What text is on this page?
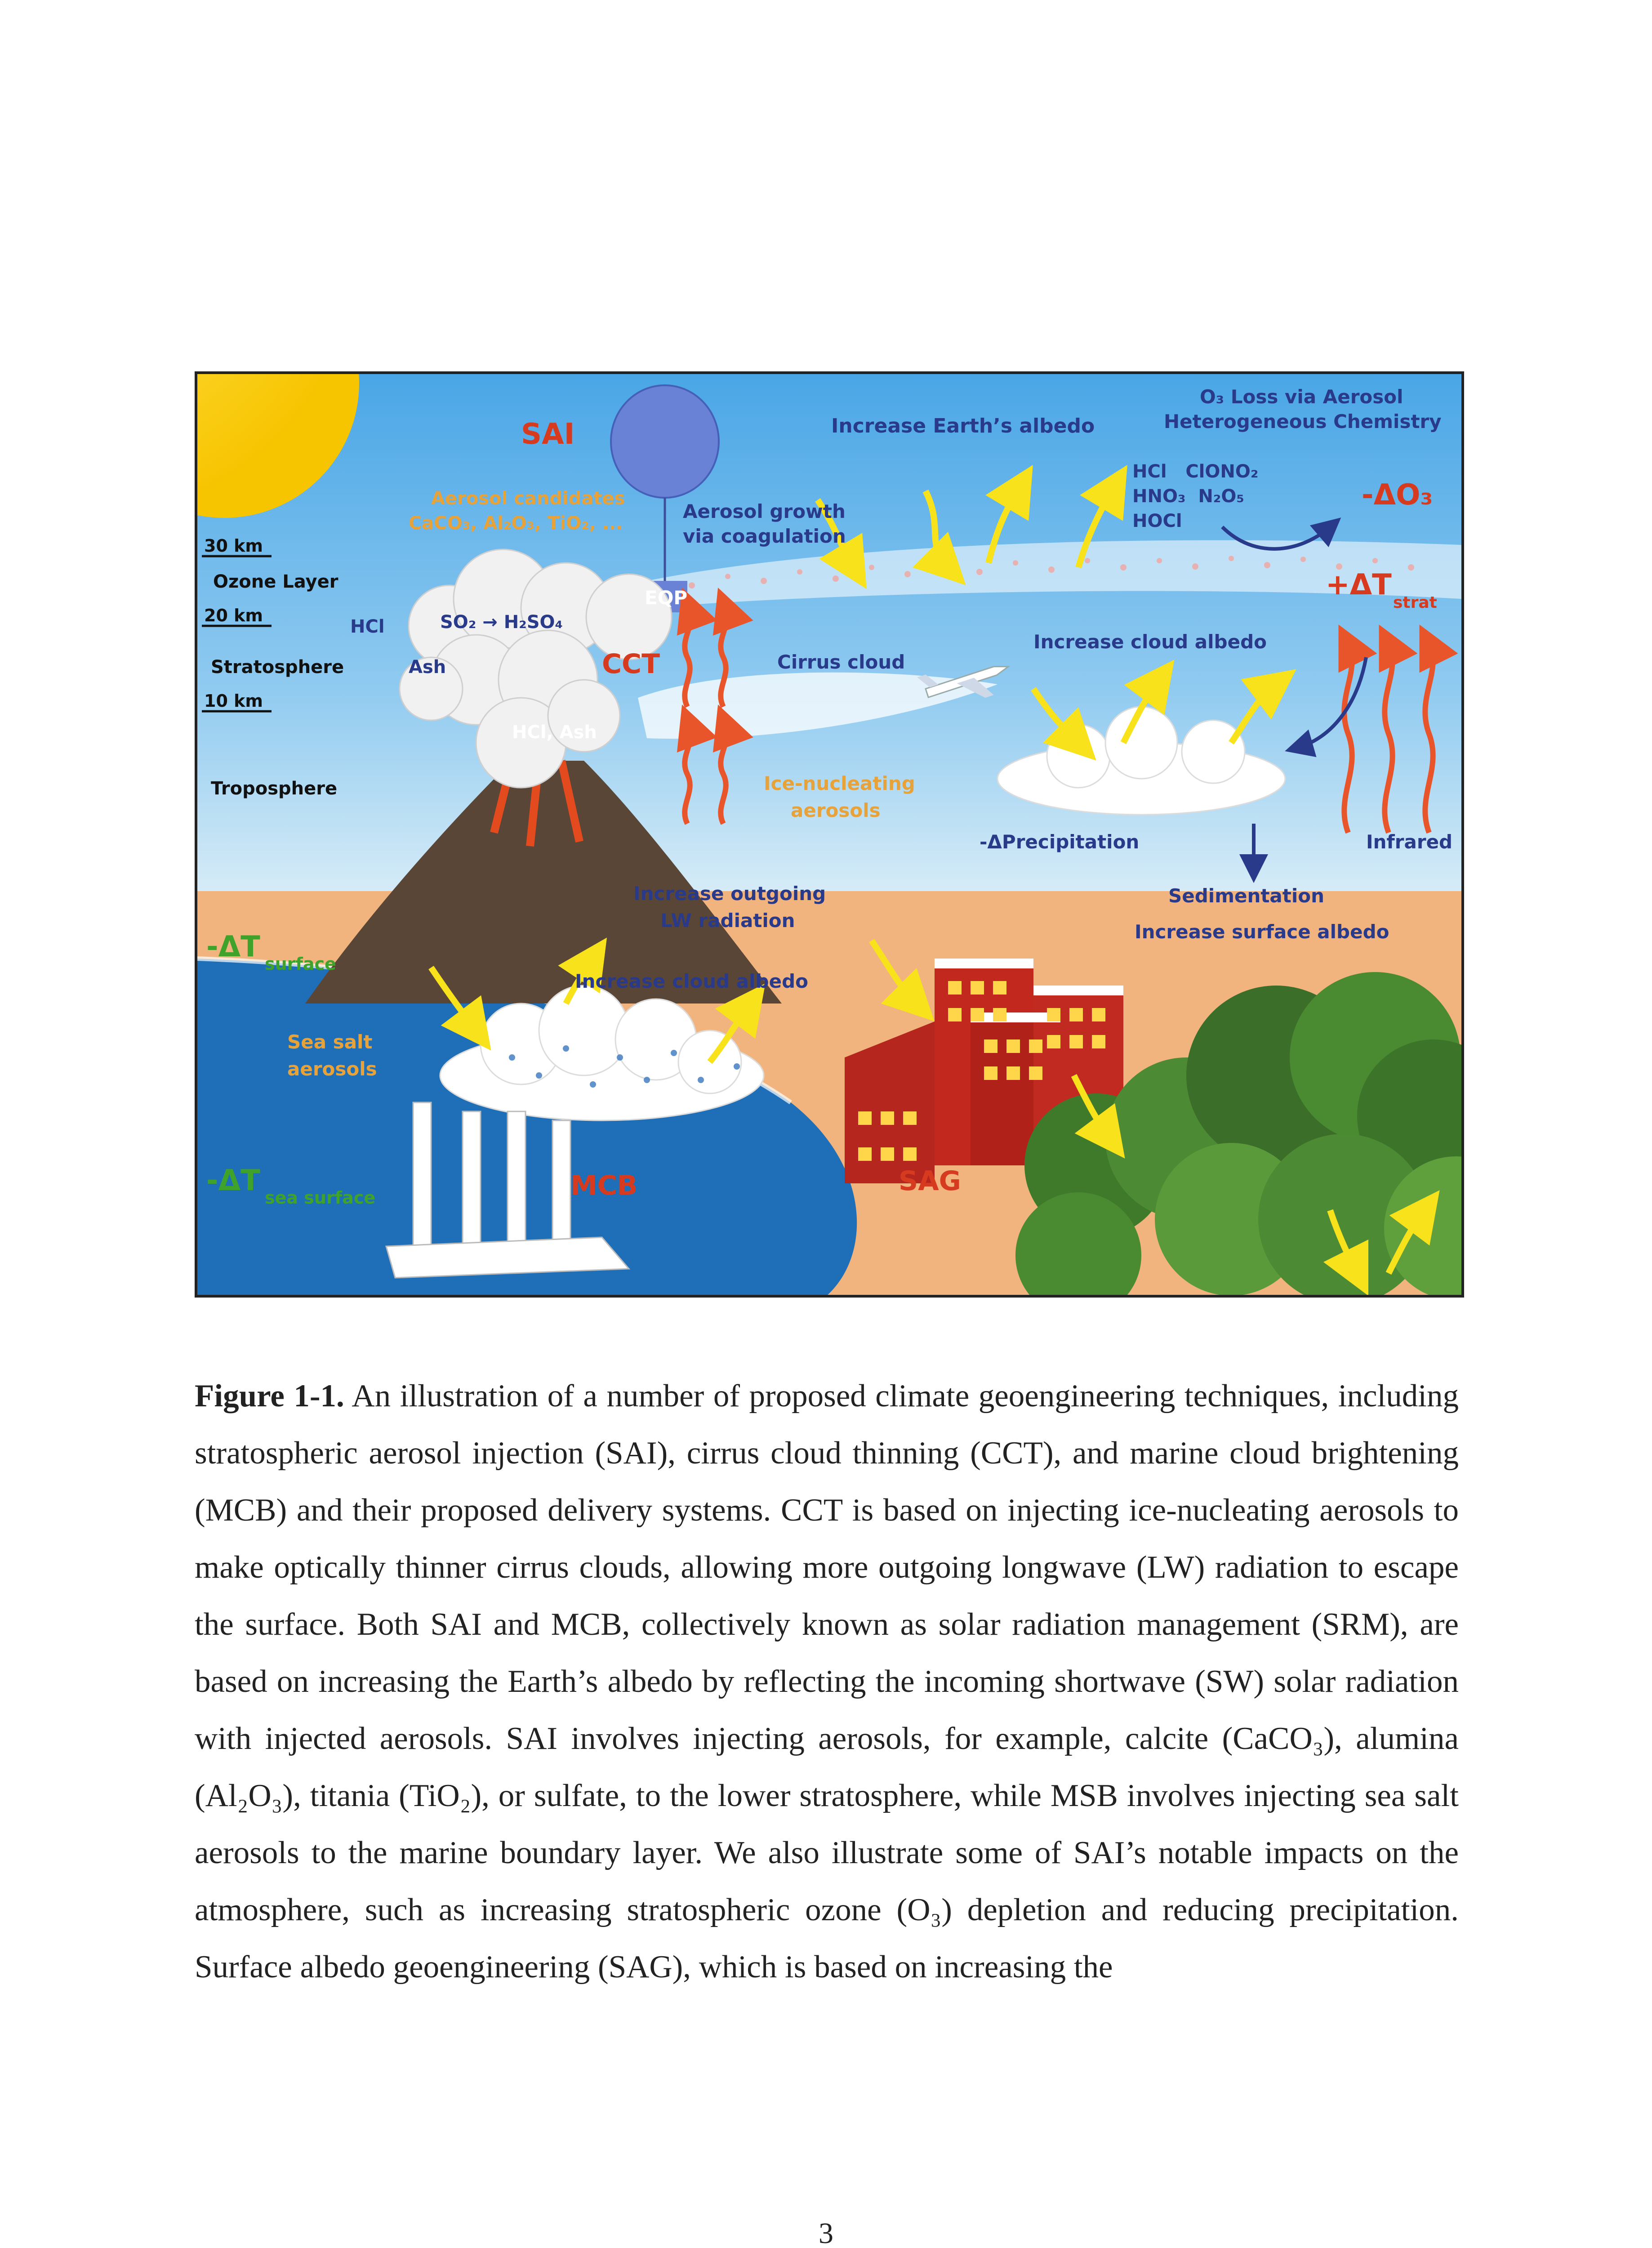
SAI	Increase Earth’s albedo
O₃ Loss via Aerosol
Heterogeneous Chemistry
Aerosol candidates
CaCO₃, Al₂O₃, TiO₂, ...
Aerosol growth
via coagulation
HCl   ClONO₂
HNO₃  N₂O₅
HOCl
-ΔO₃
+ΔT
strat
30 km
Ozone Layer
20 km
Stratosphere
10 km
Troposphere
HCl	SO₂ → H₂SO₄
Ash
HCl, Ash
EQP
CCT	Cirrus cloud
Increase cloud albedo
Ice-nucleating
aerosols
-ΔPrecipitation	Infrared
Increase outgoing
LW radiation
Sedimentation
Increase surface albedo
-ΔT
surface
Increase cloud albedo
Sea salt
aerosols
-ΔT
sea surface	MCB	SAG
Figure 1-1. An illustration of a number of proposed climate geoengineering techniques, including stratospheric aerosol injection (SAI), cirrus cloud thinning (CCT), and marine cloud brightening (MCB) and their proposed delivery systems. CCT is based on injecting ice-nucleating aerosols to make optically thinner cirrus clouds, allowing more outgoing longwave (LW) radiation to escape the surface. Both SAI and MCB, collectively known as solar radiation management (SRM), are based on increasing the Earth’s albedo by reflecting the incoming shortwave (SW) solar radiation with injected aerosols. SAI involves injecting aerosols, for example, calcite (CaCO₃), alumina (Al₂O₃), titania (TiO₂), or sulfate, to the lower stratosphere, while MSB involves injecting sea salt aerosols to the marine boundary layer. We also illustrate some of SAI’s notable impacts on the atmosphere, such as increasing stratospheric ozone (O₃) depletion and reducing precipitation. Surface albedo geoengineering (SAG), which is based on increasing the
3
